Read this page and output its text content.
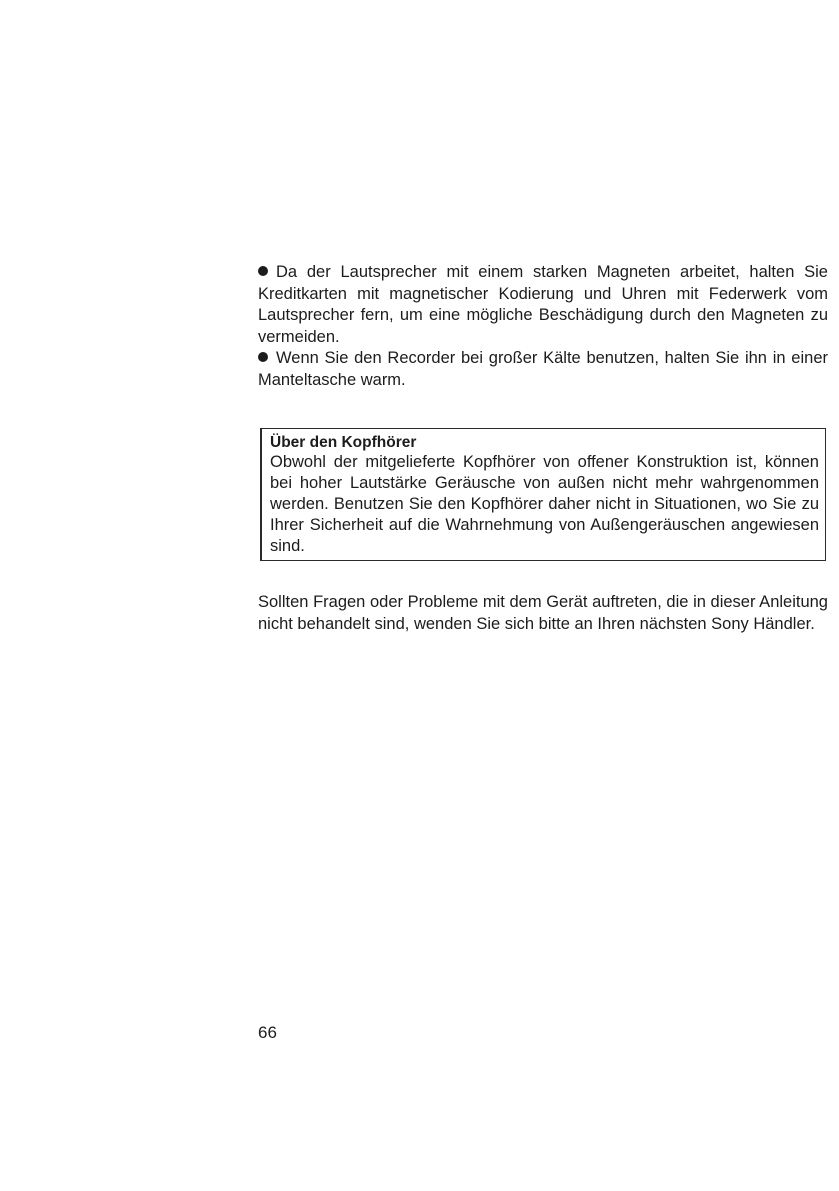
Da der Lautsprecher mit einem starken Magneten arbeitet, halten Sie Kreditkarten mit magnetischer Kodierung und Uhren mit Federwerk vom Lautsprecher fern, um eine mögliche Beschädigung durch den Magneten zu vermeiden.

Wenn Sie den Recorder bei großer Kälte benutzen, halten Sie ihn in einer Manteltasche warm.

Über den Kopfhörer

Obwohl der mitgelieferte Kopfhörer von offener Konstruktion ist, können bei hoher Lautstärke Geräusche von außen nicht mehr wahrgenommen werden. Benutzen Sie den Kopfhörer daher nicht in Situationen, wo Sie zu Ihrer Sicherheit auf die Wahrnehmung von Außengeräuschen angewiesen sind.

Sollten Fragen oder Probleme mit dem Gerät auftreten, die in dieser Anleitung nicht behandelt sind, wenden Sie sich bitte an Ihren nächsten Sony Händler.

66
